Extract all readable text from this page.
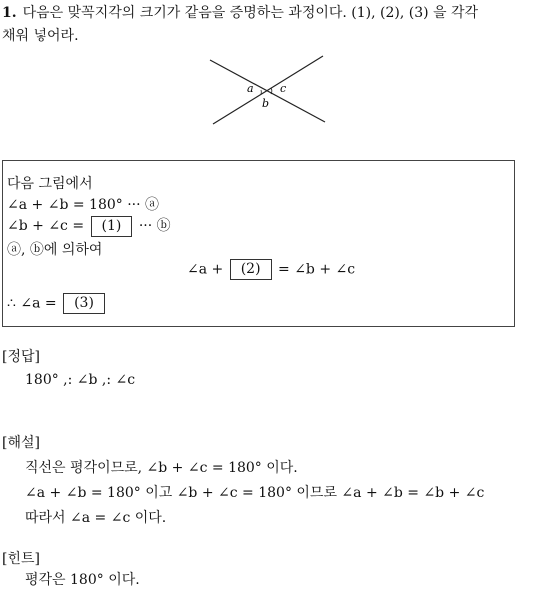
1. 다음은 맞꼭지각의 크기가 같음을 증명하는 과정이다. (1), (2), (3) 을 각각
채워 넣어라.
a
b
c
다음 그림에서
∠a + ∠b = 180° ··· ⓐ
∠b + ∠c = (1) ··· ⓑ
ⓐ, ⓑ에 의하여
∠a + (2) = ∠b + ∠c
∴ ∠a = (3)
[정답]
180° ,: ∠b ,: ∠c
[해설]
직선은 평각이므로, ∠b + ∠c = 180° 이다.
∠a + ∠b = 180° 이고 ∠b + ∠c = 180° 이므로 ∠a + ∠b = ∠b + ∠c
따라서 ∠a = ∠c 이다.
[힌트]
평각은 180° 이다.
